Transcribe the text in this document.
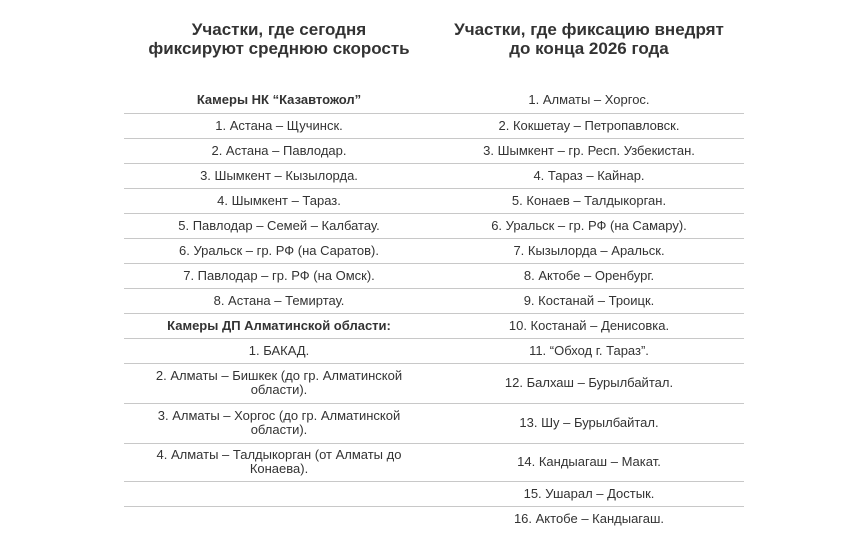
Участки, где сегодня
фиксируют среднюю скорость
Участки, где фиксацию внедрят
до конца 2026 года
Камеры НК “Казавтожол”	1. Алматы – Хоргос.
1. Астана – Щучинск.	2. Кокшетау – Петропавловск.
2. Астана – Павлодар.	3. Шымкент – гр. Респ. Узбекистан.
3. Шымкент – Кызылорда.	4. Тараз – Кайнар.
4. Шымкент – Тараз.	5. Конаев – Талдыкорган.
5. Павлодар – Семей – Калбатау.	6. Уральск – гр. РФ (на Самару).
6. Уральск – гр. РФ (на Саратов).	7. Кызылорда – Аральск.
7. Павлодар – гр. РФ (на Омск).	8. Актобе – Оренбург.
8. Астана – Темиртау.	9. Костанай – Троицк.
Камеры ДП Алматинской области:	10. Костанай – Денисовка.
1. БАКАД.	11. “Обход г. Тараз”.
2. Алматы – Бишкек (до гр. Алматинской области).	12. Балхаш – Бурылбайтал.
3. Алматы – Хоргос (до гр. Алматинской области).	13. Шу – Бурылбайтал.
4. Алматы – Талдыкорган (от Алматы до Конаева).	14. Кандыагаш – Макат.
	15. Ушарал – Достык.
	16. Актобе – Кандыагаш.
